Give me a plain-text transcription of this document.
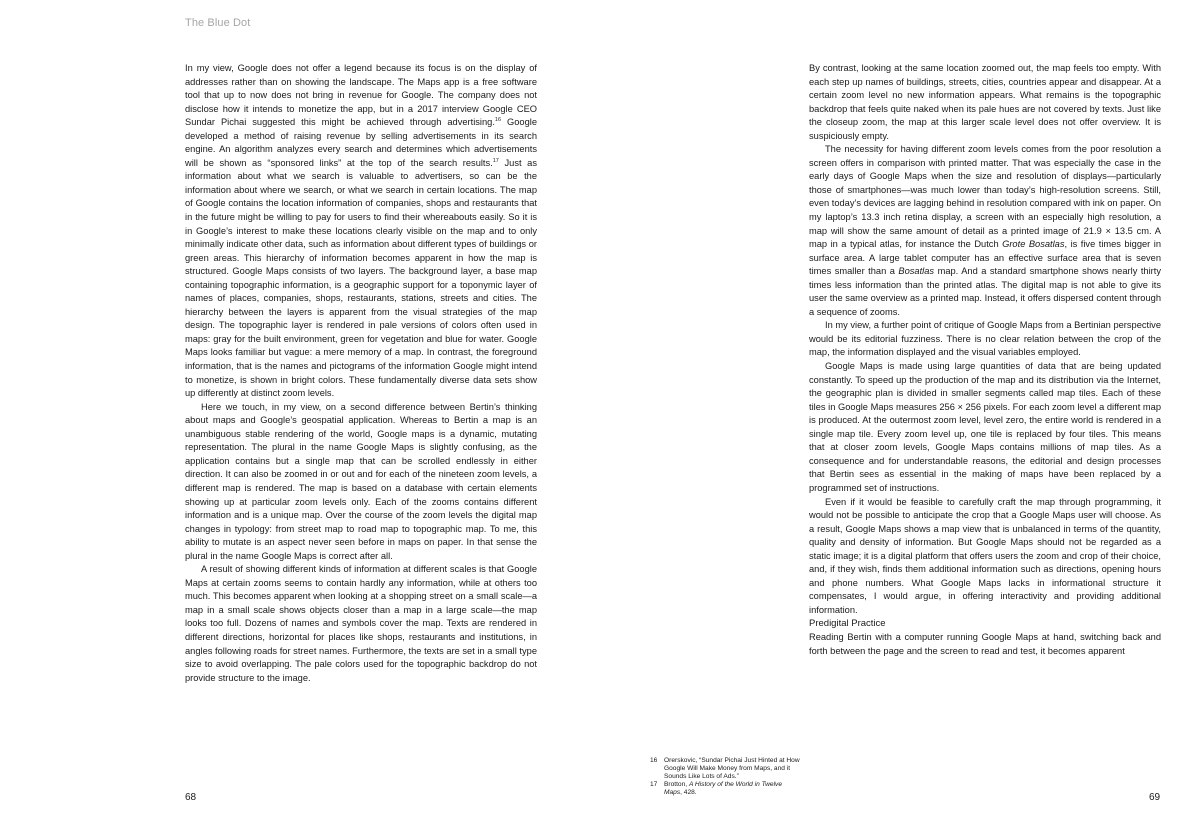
The Blue Dot

In my view, Google does not offer a legend because its focus is on the display of addresses rather than on showing the landscape. The Maps app is a free software tool that up to now does not bring in revenue for Google. The company does not disclose how it intends to monetize the app, but in a 2017 interview Google CEO Sundar Pichai suggested this might be achieved through advertising.$^{16}$ Google developed a method of raising revenue by selling advertisements in its search engine. An algorithm analyzes every search and determines which advertisements will be shown as “sponsored links” at the top of the search results.$^{17}$ Just as information about what we search is valuable to advertisers, so can be the information about where we search, or what we search in certain locations. The map of Google contains the location information of companies, shops and restaurants that in the future might be willing to pay for users to find their whereabouts easily. So it is in Google’s interest to make these locations clearly visible on the map and to only minimally indicate other data, such as information about different types of buildings or green areas. This hierarchy of information becomes apparent in how the map is structured. Google Maps consists of two layers. The background layer, a base map containing topographic information, is a geographic support for a toponymic layer of names of places, companies, shops, restaurants, stations, streets and cities. The hierarchy between the layers is apparent from the visual strategies of the map design. The topographic layer is rendered in pale versions of colors often used in maps: gray for the built environment, green for vegetation and blue for water. Google Maps looks familiar but vague: a mere memory of a map. In contrast, the foreground information, that is the names and pictograms of the information Google might intend to monetize, is shown in bright colors. These fundamentally diverse data sets show up differently at distinct zoom levels.

Here we touch, in my view, on a second difference between Bertin’s thinking about maps and Google’s geospatial application. Whereas to Bertin a map is an unambiguous stable rendering of the world, Google maps is a dynamic, mutating representation. The plural in the name Google Maps is slightly confusing, as the application contains but a single map that can be scrolled endlessly in either direction. It can also be zoomed in or out and for each of the nineteen zoom levels, a different map is rendered. The map is based on a database with certain elements showing up at particular zoom levels only. Each of the zooms contains different information and is a unique map. Over the course of the zoom levels the digital map changes in typology: from street map to road map to topographic map. To me, this ability to mutate is an aspect never seen before in maps on paper. In that sense the plural in the name Google Maps is correct after all.

A result of showing different kinds of information at different scales is that Google Maps at certain zooms seems to contain hardly any information, while at others too much. This becomes apparent when looking at a shopping street on a small scale—a map in a small scale shows objects closer than a map in a large scale—the map looks too full. Dozens of names and symbols cover the map. Texts are rendered in different directions, horizontal for places like shops, restaurants and institutions, in angles following roads for street names. Furthermore, the texts are set in a small type size to avoid overlapping. The pale colors used for the topographic backdrop do not provide structure to the image.

By contrast, looking at the same location zoomed out, the map feels too empty. With each step up names of buildings, streets, cities, countries appear and disappear. At a certain zoom level no new information appears. What remains is the topographic backdrop that feels quite naked when its pale hues are not covered by texts. Just like the closeup zoom, the map at this larger scale level does not offer overview. It is suspiciously empty.

The necessity for having different zoom levels comes from the poor resolution a screen offers in comparison with printed matter. That was especially the case in the early days of Google Maps when the size and resolution of displays—particularly those of smartphones—was much lower than today’s high-resolution screens. Still, even today’s devices are lagging behind in resolution compared with ink on paper. On my laptop’s 13.3 inch retina display, a screen with an especially high resolution, a map will show the same amount of detail as a printed image of 21.9 × 13.5 cm. A map in a typical atlas, for instance the Dutch Grote Bosatlas, is five times bigger in surface area. A large tablet computer has an effective surface area that is seven times smaller than a Bosatlas map. And a standard smartphone shows nearly thirty times less information than the printed atlas. The digital map is not able to give its user the same overview as a printed map. Instead, it offers dispersed content through a sequence of zooms.

In my view, a further point of critique of Google Maps from a Bertinian perspective would be its editorial fuzziness. There is no clear relation between the crop of the map, the information displayed and the visual variables employed.

Google Maps is made using large quantities of data that are being updated constantly. To speed up the production of the map and its distribution via the Internet, the geographic plan is divided in smaller segments called map tiles. Each of these tiles in Google Maps measures 256 × 256 pixels. For each zoom level a different map is produced. At the outermost zoom level, level zero, the entire world is rendered in a single map tile. Every zoom level up, one tile is replaced by four tiles. This means that at closer zoom levels, Google Maps contains millions of map tiles. As a consequence and for understandable reasons, the editorial and design processes that Bertin sees as essential in the making of maps have been replaced by a programmed set of instructions.

Even if it would be feasible to carefully craft the map through programming, it would not be possible to anticipate the crop that a Google Maps user will choose. As a result, Google Maps shows a map view that is unbalanced in terms of the quantity, quality and density of information. But Google Maps should not be regarded as a static image; it is a digital platform that offers users the zoom and crop of their choice, and, if they wish, finds them additional information such as directions, opening hours and phone numbers. What Google Maps lacks in informational structure it compensates, I would argue, in offering interactivity and providing additional information.

Predigital Practice

Reading Bertin with a computer running Google Maps at hand, switching back and forth between the page and the screen to read and test, it becomes apparent

16	Orerskovic, “Sundar Pichai Just Hinted at How Google Will Make Money from Maps, and it Sounds Like Lots of Ads.”
17	Brotton, A History of the World in Twelve Maps, 428.
68	69
